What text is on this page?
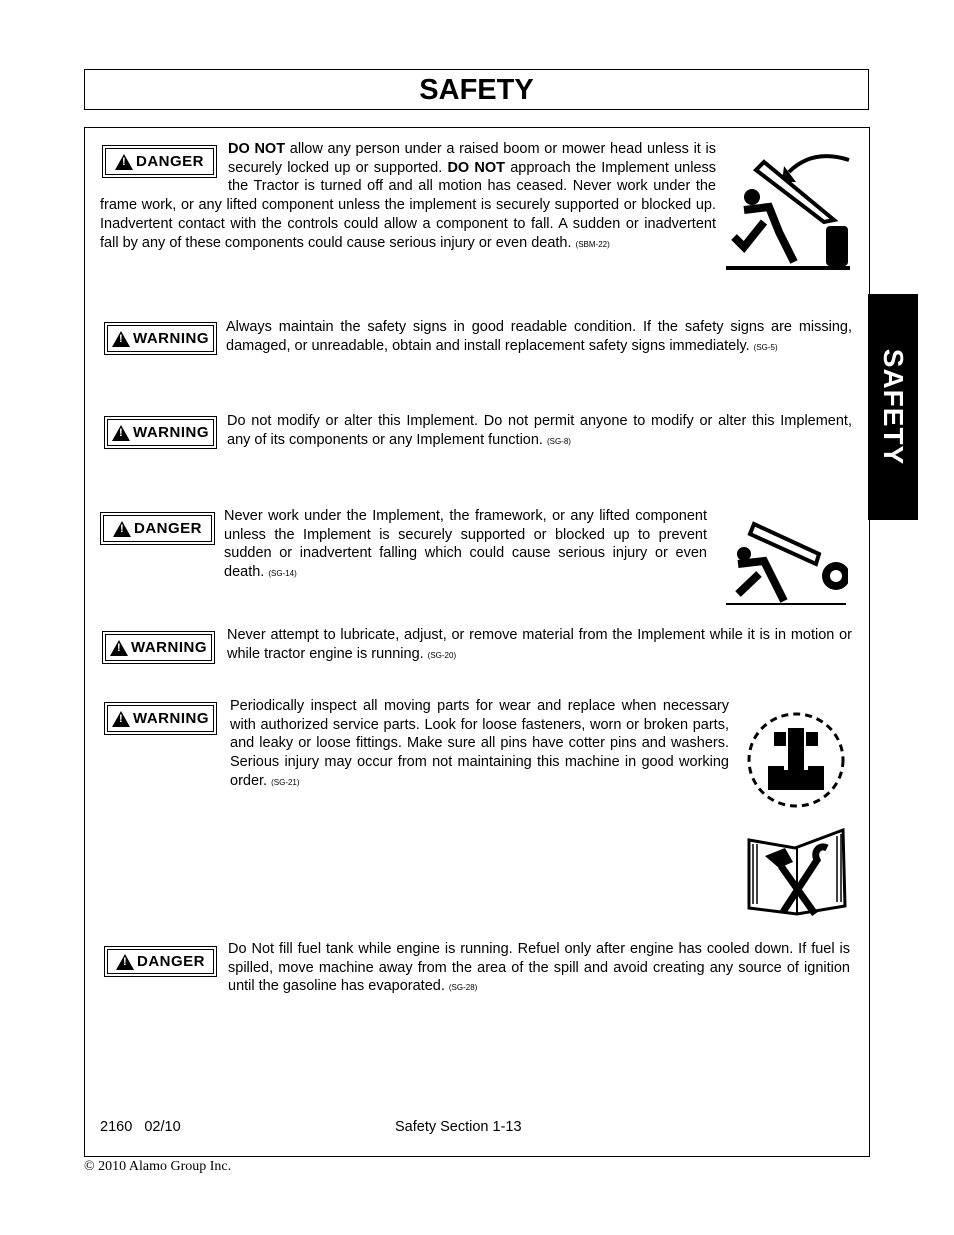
SAFETY
SAFETY
!
DANGER
DO NOT allow any person under a raised boom or mower head unless it is securely locked up or supported. DO NOT approach the Implement unless the Tractor is turned off and all motion has ceased. Never work under the frame work, or any lifted component unless the implement is securely supported or blocked up. Inadvertent contact with the controls could allow a component to fall. A sudden or inadvertent fall by any of these components could cause serious injury or even death. (SBM-22)
!
WARNING
Always maintain the safety signs in good readable condition. If the safety signs are missing, damaged, or unreadable, obtain and install replacement safety signs immediately. (SG-5)
!
WARNING
Do not modify or alter this Implement. Do not permit anyone to modify or alter this Implement, any of its components or any Implement function. (SG-8)
!
DANGER
Never work under the Implement, the framework, or any lifted component unless the Implement is securely supported or blocked up to prevent sudden or inadvertent falling which could cause serious injury or even death. (SG-14)
!
WARNING
Never attempt to lubricate, adjust, or remove material from the Implement while it is in motion or while tractor engine is running. (SG-20)
!
WARNING
Periodically inspect all moving parts for wear and replace when necessary with authorized service parts. Look for loose fasteners, worn or broken parts, and leaky or loose fittings. Make sure all pins have cotter pins and washers. Serious injury may occur from not maintaining this machine in good working order. (SG-21)
!
DANGER
Do Not fill fuel tank while engine is running. Refuel only after engine has cooled down. If fuel is spilled, move machine away from the area of the spill and avoid creating any source of ignition until the gasoline has evaporated. (SG-28)
2160   02/10	Safety Section 1-13
© 2010 Alamo Group Inc.
